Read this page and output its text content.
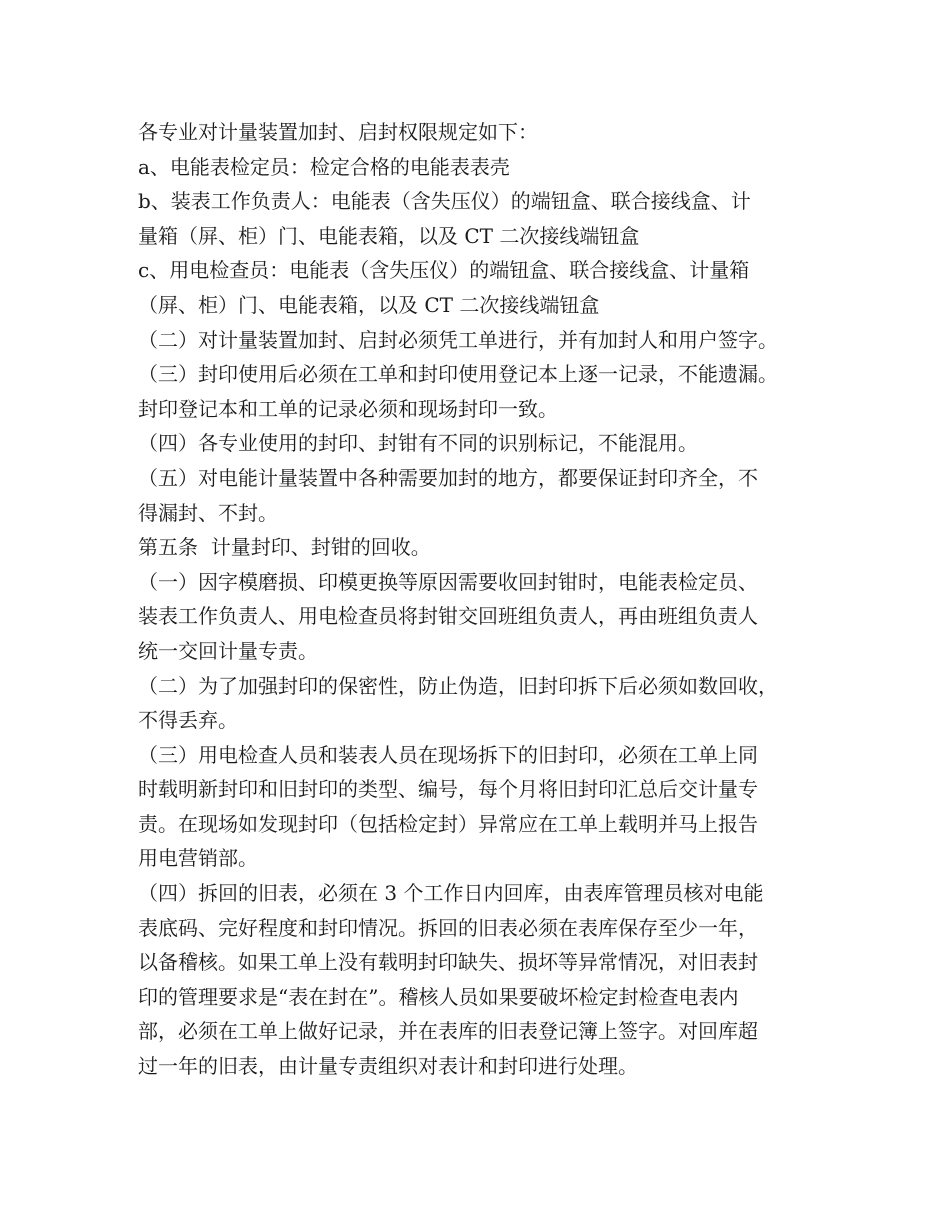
各专业对计量装置加封、启封权限规定如下：
a、电能表检定员：检定合格的电能表表壳
b、装表工作负责人：电能表（含失压仪）的端钮盒、联合接线盒、计
量箱（屏、柜）门、电能表箱，以及 CT 二次接线端钮盒
c、用电检查员：电能表（含失压仪）的端钮盒、联合接线盒、计量箱
（屏、柜）门、电能表箱，以及 CT 二次接线端钮盒
（二）对计量装置加封、启封必须凭工单进行，并有加封人和用户签字。
（三）封印使用后必须在工单和封印使用登记本上逐一记录，不能遗漏。
封印登记本和工单的记录必须和现场封印一致。
（四）各专业使用的封印、封钳有不同的识别标记，不能混用。
（五）对电能计量装置中各种需要加封的地方，都要保证封印齐全，不
得漏封、不封。
第五条  计量封印、封钳的回收。
（一）因字模磨损、印模更换等原因需要收回封钳时，电能表检定员、
装表工作负责人、用电检查员将封钳交回班组负责人，再由班组负责人
统一交回计量专责。
（二）为了加强封印的保密性，防止伪造，旧封印拆下后必须如数回收，
不得丢弃。
（三）用电检查人员和装表人员在现场拆下的旧封印，必须在工单上同
时载明新封印和旧封印的类型、编号，每个月将旧封印汇总后交计量专
责。在现场如发现封印（包括检定封）异常应在工单上载明并马上报告
用电营销部。
（四）拆回的旧表，必须在 3 个工作日内回库，由表库管理员核对电能
表底码、完好程度和封印情况。拆回的旧表必须在表库保存至少一年，
以备稽核。如果工单上没有载明封印缺失、损坏等异常情况，对旧表封
印的管理要求是“表在封在”。稽核人员如果要破坏检定封检查电表内
部，必须在工单上做好记录，并在表库的旧表登记簿上签字。对回库超
过一年的旧表，由计量专责组织对表计和封印进行处理。
